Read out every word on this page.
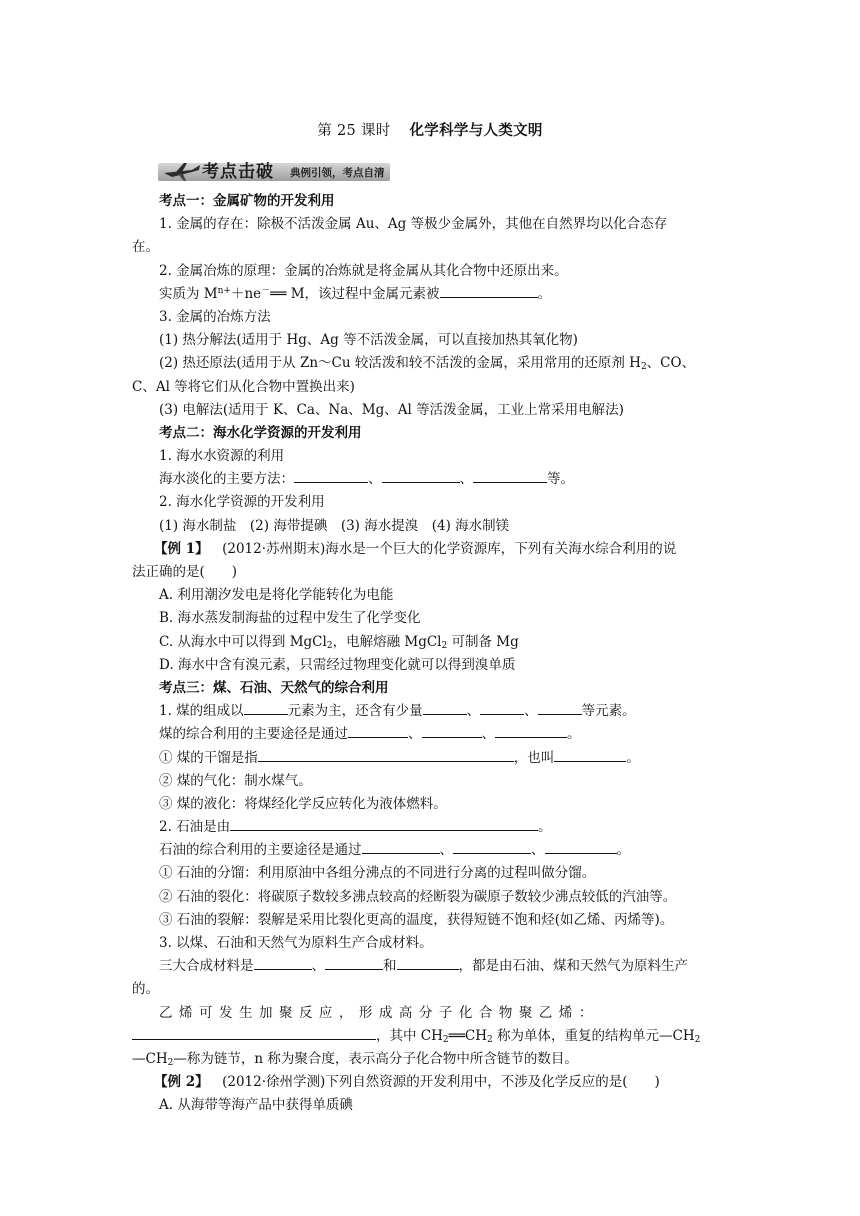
第 25 课时 化学科学与人类文明
考点击破 典例引领，考点自清
考点一：金属矿物的开发利用
1. 金属的存在：除极不活泼金属 Au、Ag 等极少金属外，其他在自然界均以化合态存
在。
2. 金属冶炼的原理：金属的冶炼就是将金属从其化合物中还原出来。
实质为 $M^{n+}+ne^-══$ M，该过程中金属元素被	。
3. 金属的冶炼方法
(1) 热分解法(适用于 Hg、Ag 等不活泼金属，可以直接加热其氧化物)
(2) 热还原法(适用于从 Zn～Cu 较活泼和较不活泼的金属，采用常用的还原剂 $H_2$、CO、
C、Al 等将它们从化合物中置换出来)
(3) 电解法(适用于 K、Ca、Na、Mg、Al 等活泼金属，工业上常采用电解法)
考点二：海水化学资源的开发利用
1. 海水水资源的利用
海水淡化的主要方法：	、	、	等。
2. 海水化学资源的开发利用
(1) 海水制盐　(2) 海带提碘　(3) 海水提溴　(4) 海水制镁
【例 1】  (2012·苏州期末)海水是一个巨大的化学资源库，下列有关海水综合利用的说
法正确的是(　　)
A. 利用潮汐发电是将化学能转化为电能
B. 海水蒸发制海盐的过程中发生了化学变化
C. 从海水中可以得到 MgCl$_2$，电解熔融 MgCl$_2$ 可制备 Mg
D. 海水中含有溴元素，只需经过物理变化就可以得到溴单质
考点三：煤、石油、天然气的综合利用
1. 煤的组成以	元素为主，还含有少量	、	、	等元素。
煤的综合利用的主要途径是通过	、	、	。
① 煤的干馏是指	，也叫	。
② 煤的气化：制水煤气。
③ 煤的液化：将煤经化学反应转化为液体燃料。
2. 石油是由	。
石油的综合利用的主要途径是通过	、	、	。
① 石油的分馏：利用原油中各组分沸点的不同进行分离的过程叫做分馏。
② 石油的裂化：将碳原子数较多沸点较高的烃断裂为碳原子数较少沸点较低的汽油等。
③ 石油的裂解：裂解是采用比裂化更高的温度，获得短链不饱和烃(如乙烯、丙烯等)。
3. 以煤、石油和天然气为原料生产合成材料。
三大合成材料是	、	和	，都是由石油、煤和天然气为原料生产
的。
乙 烯 可 发 生 加 聚 反 应 ， 形 成 高 分 子 化 合 物 聚 乙 烯 ：
，其中 $CH_2══CH_2$ 称为单体，重复的结构单元$—CH_2$
$—CH_2—$称为链节，n 称为聚合度，表示高分子化合物中所含链节的数目。
【例 2】  (2012·徐州学测)下列自然资源的开发利用中，不涉及化学反应的是(　　)
A. 从海带等海产品中获得单质碘
